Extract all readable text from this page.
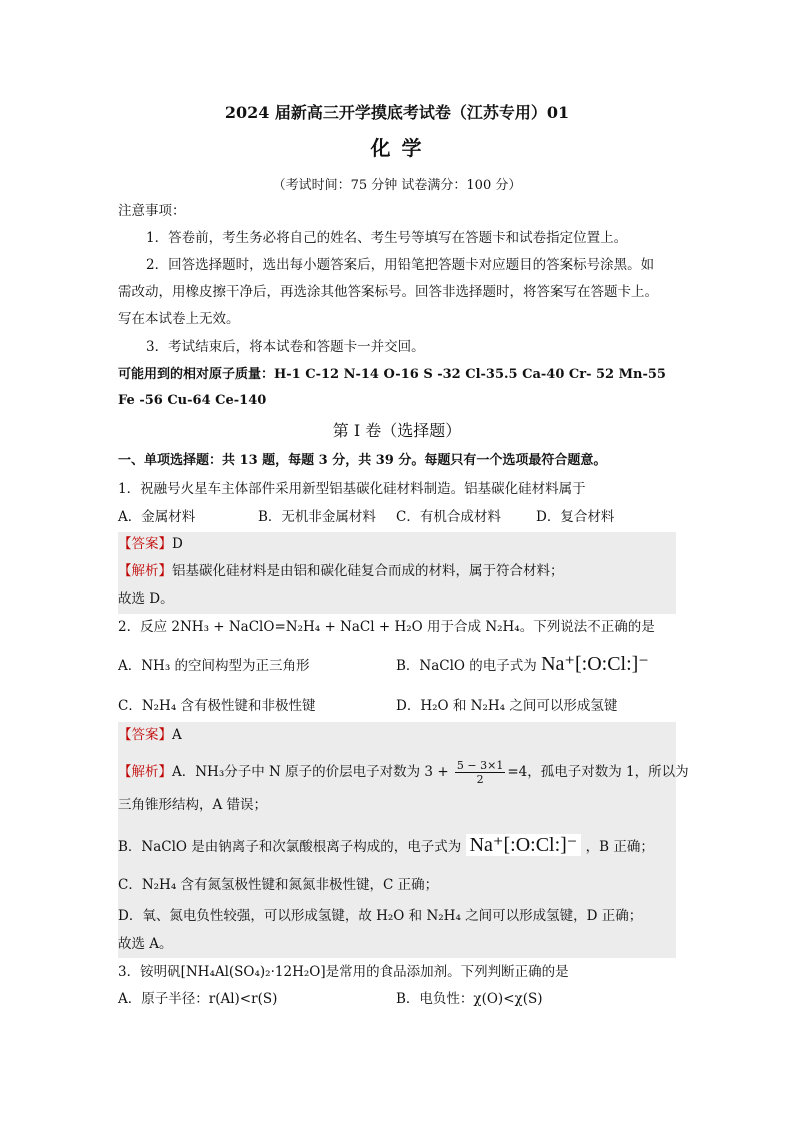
2024 届新高三开学摸底考试卷（江苏专用）01
化 学
（考试时间：75 分钟 试卷满分：100 分）
注意事项：
1．答卷前，考生务必将自己的姓名、考生号等填写在答题卡和试卷指定位置上。
2．回答选择题时，选出每小题答案后，用铅笔把答题卡对应题目的答案标号涂黑。如
需改动，用橡皮擦干净后，再选涂其他答案标号。回答非选择题时，将答案写在答题卡上。
写在本试卷上无效。
3．考试结束后，将本试卷和答题卡一并交回。
可能用到的相对原子质量：H-1 C-12 N-14 O-16 S -32 Cl-35.5 Ca-40 Cr- 52 Mn-55
Fe -56 Cu-64 Ce-140
第 I 卷（选择题）
一、单项选择题：共 13 题，每题 3 分，共 39 分。每题只有一个选项最符合题意。
1．祝融号火星车主体部件采用新型铝基碳化硅材料制造。铝基碳化硅材料属于
A．金属材料	B．无机非金属材料 C．有机合成材料	D．复合材料
【答案】D
【解析】铝基碳化硅材料是由铝和碳化硅复合而成的材料，属于符合材料；
故选 D。
2．反应 2NH₃ + NaClO=N₂H₄ + NaCl + H₂O 用于合成 N₂H₄。下列说法不正确的是
A．NH₃ 的空间构型为正三角形	B．NaClO 的电子式为 Na⁺[:O:Cl:]⁻
C．N₂H₄ 含有极性键和非极性键	D．H₂O 和 N₂H₄ 之间可以形成氢键
【答案】A
【解析】A．NH₃分子中 N 原子的价层电子对数为 $3 + \frac{5 - 3\times 1}{2} =4$，孤电子对数为 1，所以为
三角锥形结构，A 错误；
B．NaClO 是由钠离子和次氯酸根离子构成的，电子式为 Na⁺[:O:Cl:]⁻ ，B 正确；
C．N₂H₄ 含有氮氢极性键和氮氮非极性键，C 正确；
D．氧、氮电负性较强，可以形成氢键，故 H₂O 和 N₂H₄ 之间可以形成氢键，D 正确；
故选 A。
3．铵明矾[NH₄Al(SO₄)₂·12H₂O]是常用的食品添加剂。下列判断正确的是
A．原子半径：r(Al)<r(S)	B．电负性：χ(O)<χ(S)
